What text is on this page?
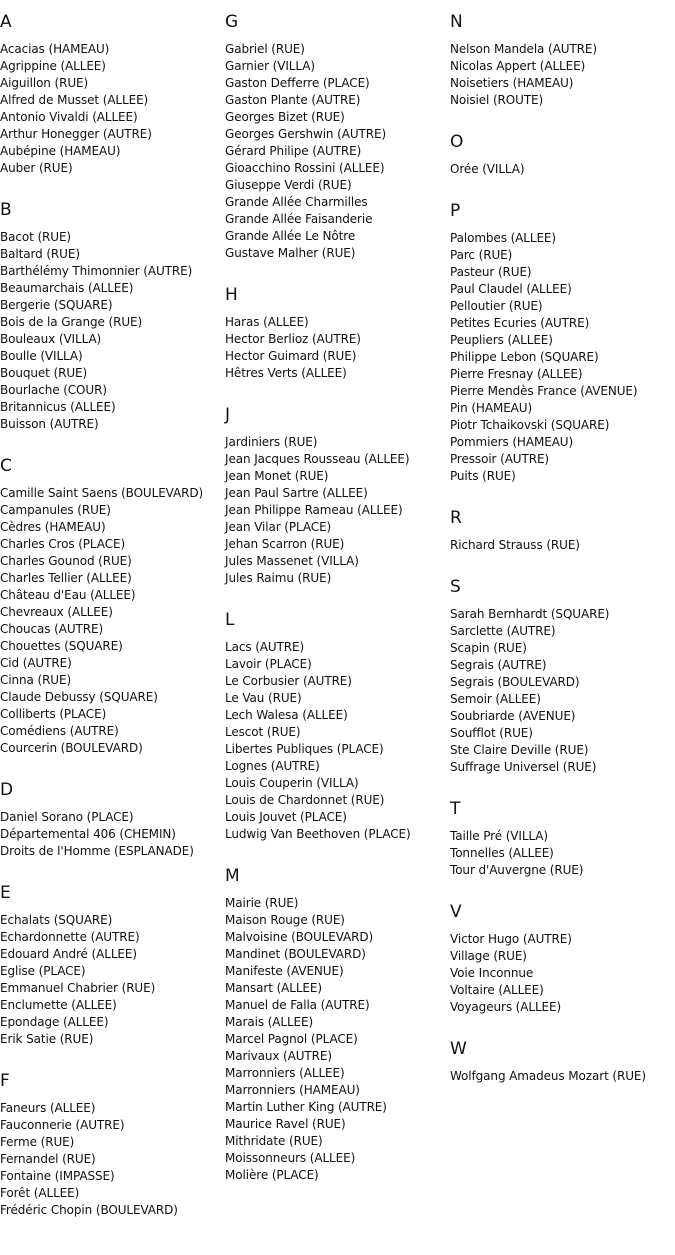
A
Acacias (HAMEAU)
Agrippine (ALLEE)
Aiguillon (RUE)
Alfred de Musset (ALLEE)
Antonio Vivaldi (ALLEE)
Arthur Honegger (AUTRE)
Aubépine (HAMEAU)
Auber (RUE)
B
Bacot (RUE)
Baltard (RUE)
Barthélémy Thimonnier (AUTRE)
Beaumarchais (ALLEE)
Bergerie (SQUARE)
Bois de la Grange (RUE)
Bouleaux (VILLA)
Boulle (VILLA)
Bouquet (RUE)
Bourlache (COUR)
Britannicus (ALLEE)
Buisson (AUTRE)
C
Camille Saint Saens (BOULEVARD)
Campanules (RUE)
Cèdres (HAMEAU)
Charles Cros (PLACE)
Charles Gounod (RUE)
Charles Tellier (ALLEE)
Château d'Eau (ALLEE)
Chevreaux (ALLEE)
Choucas (AUTRE)
Chouettes (SQUARE)
Cid (AUTRE)
Cinna (RUE)
Claude Debussy (SQUARE)
Colliberts (PLACE)
Comédiens (AUTRE)
Courcerin (BOULEVARD)
D
Daniel Sorano (PLACE)
Départemental 406 (CHEMIN)
Droits de l'Homme (ESPLANADE)
E
Echalats (SQUARE)
Echardonnette (AUTRE)
Edouard André (ALLEE)
Eglise (PLACE)
Emmanuel Chabrier (RUE)
Enclumette (ALLEE)
Epondage (ALLEE)
Erik Satie (RUE)
F
Faneurs (ALLEE)
Fauconnerie (AUTRE)
Ferme (RUE)
Fernandel (RUE)
Fontaine (IMPASSE)
Forêt (ALLEE)
Frédéric Chopin (BOULEVARD)
G
Gabriel (RUE)
Garnier (VILLA)
Gaston Defferre (PLACE)
Gaston Plante (AUTRE)
Georges Bizet (RUE)
Georges Gershwin (AUTRE)
Gérard Philipe (AUTRE)
Gioacchino Rossini (ALLEE)
Giuseppe Verdi (RUE)
Grande Allée Charmilles
Grande Allée Faisanderie
Grande Allée Le Nôtre
Gustave Malher (RUE)
H
Haras (ALLEE)
Hector Berlioz (AUTRE)
Hector Guimard (RUE)
Hêtres Verts (ALLEE)
J
Jardiniers (RUE)
Jean Jacques Rousseau (ALLEE)
Jean Monet (RUE)
Jean Paul Sartre (ALLEE)
Jean Philippe Rameau (ALLEE)
Jean Vilar (PLACE)
Jehan Scarron (RUE)
Jules Massenet (VILLA)
Jules Raimu (RUE)
L
Lacs (AUTRE)
Lavoir (PLACE)
Le Corbusier (AUTRE)
Le Vau (RUE)
Lech Walesa (ALLEE)
Lescot (RUE)
Libertes Publiques (PLACE)
Lognes (AUTRE)
Louis Couperin (VILLA)
Louis de Chardonnet (RUE)
Louis Jouvet (PLACE)
Ludwig Van Beethoven (PLACE)
M
Mairie (RUE)
Maison Rouge (RUE)
Malvoisine (BOULEVARD)
Mandinet (BOULEVARD)
Manifeste (AVENUE)
Mansart (ALLEE)
Manuel de Falla (AUTRE)
Marais (ALLEE)
Marcel Pagnol (PLACE)
Marivaux (AUTRE)
Marronniers (ALLEE)
Marronniers (HAMEAU)
Martin Luther King (AUTRE)
Maurice Ravel (RUE)
Mithridate (RUE)
Moissonneurs (ALLEE)
Molière (PLACE)
N
Nelson Mandela (AUTRE)
Nicolas Appert (ALLEE)
Noisetiers (HAMEAU)
Noisiel (ROUTE)
O
Orée (VILLA)
P
Palombes (ALLEE)
Parc (RUE)
Pasteur (RUE)
Paul Claudel (ALLEE)
Pelloutier (RUE)
Petites Ecuries (AUTRE)
Peupliers (ALLEE)
Philippe Lebon (SQUARE)
Pierre Fresnay (ALLEE)
Pierre Mendès France (AVENUE)
Pin (HAMEAU)
Piotr Tchaikovski (SQUARE)
Pommiers (HAMEAU)
Pressoir (AUTRE)
Puits (RUE)
R
Richard Strauss (RUE)
S
Sarah Bernhardt (SQUARE)
Sarclette (AUTRE)
Scapin (RUE)
Segrais (AUTRE)
Segrais (BOULEVARD)
Semoir (ALLEE)
Soubriarde (AVENUE)
Soufflot (RUE)
Ste Claire Deville (RUE)
Suffrage Universel (RUE)
T
Taille Pré (VILLA)
Tonnelles (ALLEE)
Tour d'Auvergne (RUE)
V
Victor Hugo (AUTRE)
Village (RUE)
Voie Inconnue
Voltaire (ALLEE)
Voyageurs (ALLEE)
W
Wolfgang Amadeus Mozart (RUE)
